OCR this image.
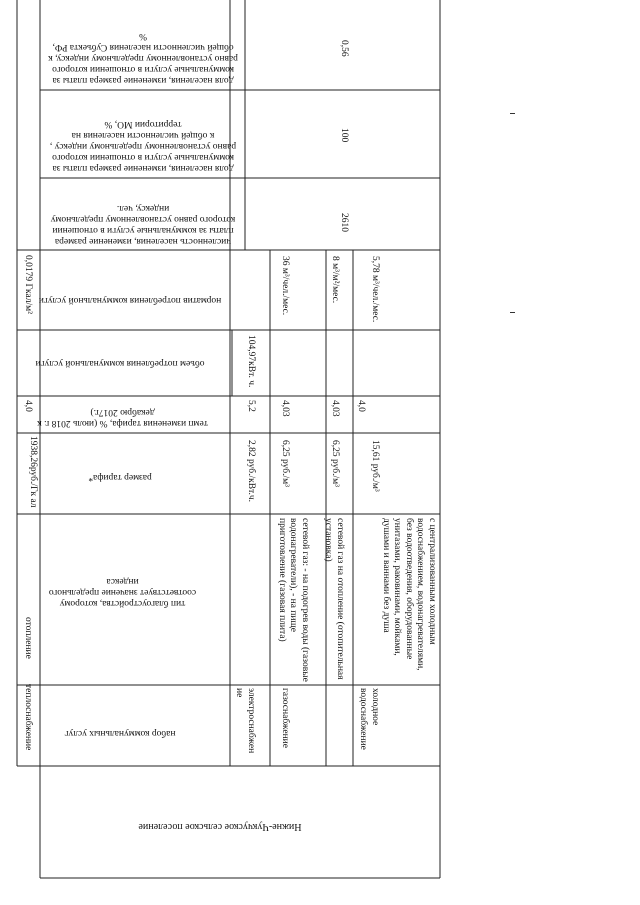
теплоснабжение
отопление
1938,26руб./Гк ал
4,0
0,0179 Гкал/м²
набор коммунальных услуг
тип благоустройства, которому соответствует значение предельного индекса
размер тарифа*
темп изменения тарифа, % (июль 2018 г. к декабрю 2017г.)
объем потребления коммунальной услуги
норматив потребления коммунальной услуги
численность населения, изменение размера платы за коммунальные услуги в отношении которого равно установленному предельному индексу, чел.
доля населения, изменение размера платы за коммунальные услуги в отношении которого равно установленному предельному индексу , к общей численности населения на территории МО, %
доля населения, изменение размера платы за коммунальные услуги в отношении которого равно установленному предельному индексу, к общей численности населения Субъекта РФ, %
Нижне-Чукчуское сельское поселение
2610
100
0,56
электроснабжен ие
2,82 руб./кВт.ч.
5,2
104,97кВт. ч.
газоснабжение
сетевой газ: - на подогрев воды (газовые водонагреватели), - на пище приготовление (газовая плита)
6,25 руб./м³
4,03
36 м³/чел./мес.
сетевой газ на отопление (отопительная установка)
6,25 руб./м³
4,03
8 м³/м²/мес.
холодное водоснабжение
с централизованным холодным водоснабжением, водонагревателями, без водоотведения, оборудованные унитазами, раковинами, мойками, душами и ваннами без душа
15,61 руб./м³
4,0
5,78 м³/чел./мес.
